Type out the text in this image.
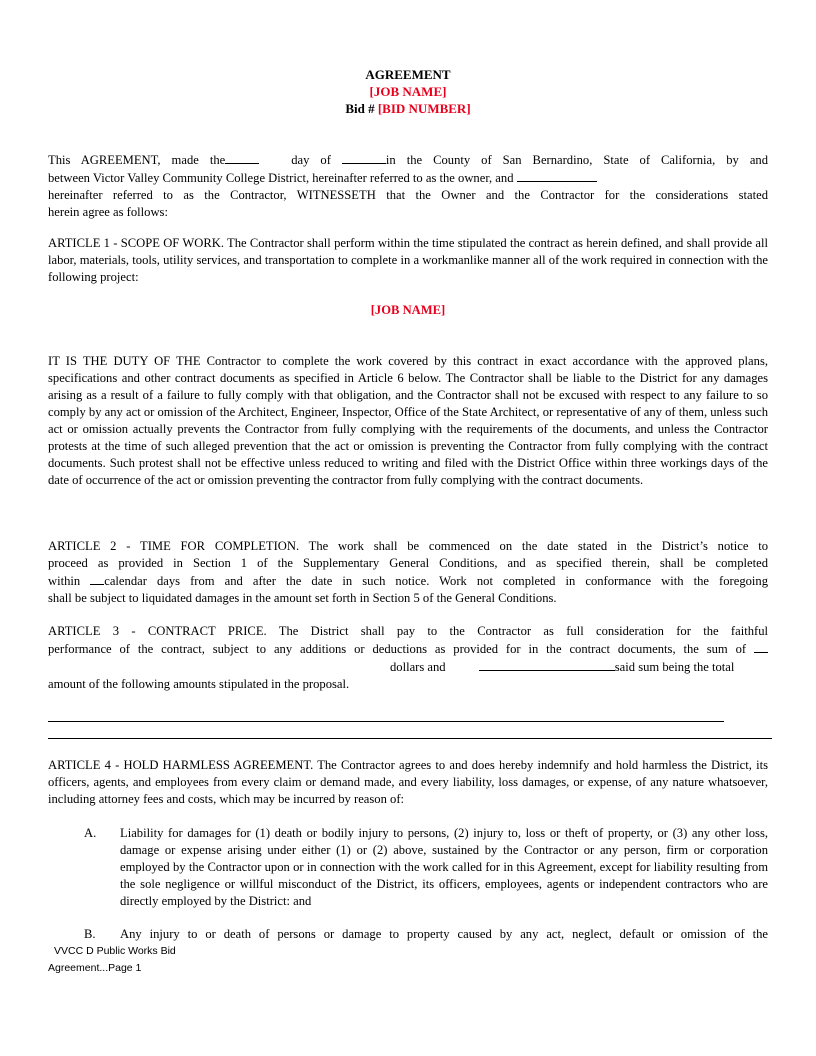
AGREEMENT
[JOB NAME]
Bid # [BID NUMBER]
This AGREEMENT, made the	day of	in the County of San Bernardino, State of California, by and
between Victor Valley Community College District, hereinafter referred to as the owner, and
hereinafter referred to as the Contractor, WITNESSETH that the Owner and the Contractor for the considerations stated
herein agree as follows:
ARTICLE 1 - SCOPE OF WORK. The Contractor shall perform within the time stipulated the contract as herein defined, and shall provide all labor, materials, tools, utility services, and transportation to complete in a workmanlike manner all of the work required in connection with the following project:
[JOB NAME]
IT IS THE DUTY OF THE Contractor to complete the work covered by this contract in exact accordance with the approved plans, specifications and other contract documents as specified in Article 6 below. The Contractor shall be liable to the District for any damages arising as a result of a failure to fully comply with that obligation, and the Contractor shall not be excused with respect to any failure to so comply by any act or omission of the Architect, Engineer, Inspector, Office of the State Architect, or representative of any of them, unless such act or omission actually prevents the Contractor from fully complying with the requirements of the documents, and unless the Contractor protests at the time of such alleged prevention that the act or omission is preventing the Contractor from fully complying with the contract documents. Such protest shall not be effective unless reduced to writing and filed with the District Office within three workings days of the date of occurrence of the act or omission preventing the contractor from fully complying with the contract documents.
ARTICLE 2 - TIME FOR COMPLETION. The work shall be commenced on the date stated in the District’s notice to
proceed as provided in Section 1 of the Supplementary General Conditions, and as specified therein, shall be completed
within calendar days from and after the date in such notice. Work not completed in conformance with the foregoing
shall be subject to liquidated damages in the amount set forth in Section 5 of the General Conditions.
ARTICLE 3 - CONTRACT PRICE. The District shall pay to the Contractor as full consideration for the faithful
performance of the contract, subject to any additions or deductions as provided for in the contract documents, the sum of
dollars and	said sum being the total
amount of the following amounts stipulated in the proposal.
ARTICLE 4 - HOLD HARMLESS AGREEMENT. The Contractor agrees to and does hereby indemnify and hold harmless the District, its officers, agents, and employees from every claim or demand made, and every liability, loss damages, or expense, of any nature whatsoever, including attorney fees and costs, which may be incurred by reason of:
A. Liability for damages for (1) death or bodily injury to persons, (2) injury to, loss or theft of property, or (3) any other loss, damage or expense arising under either (1) or (2) above, sustained by the Contractor or any person, firm or corporation employed by the Contractor upon or in connection with the work called for in this Agreement, except for liability resulting from the sole negligence or willful misconduct of the District, its officers, employees, agents or independent contractors who are directly employed by the District: and
B. Any injury to or death of persons or damage to property caused by any act, neglect, default or omission of the
VVCC D Public Works Bid
Agreement...Page 1
